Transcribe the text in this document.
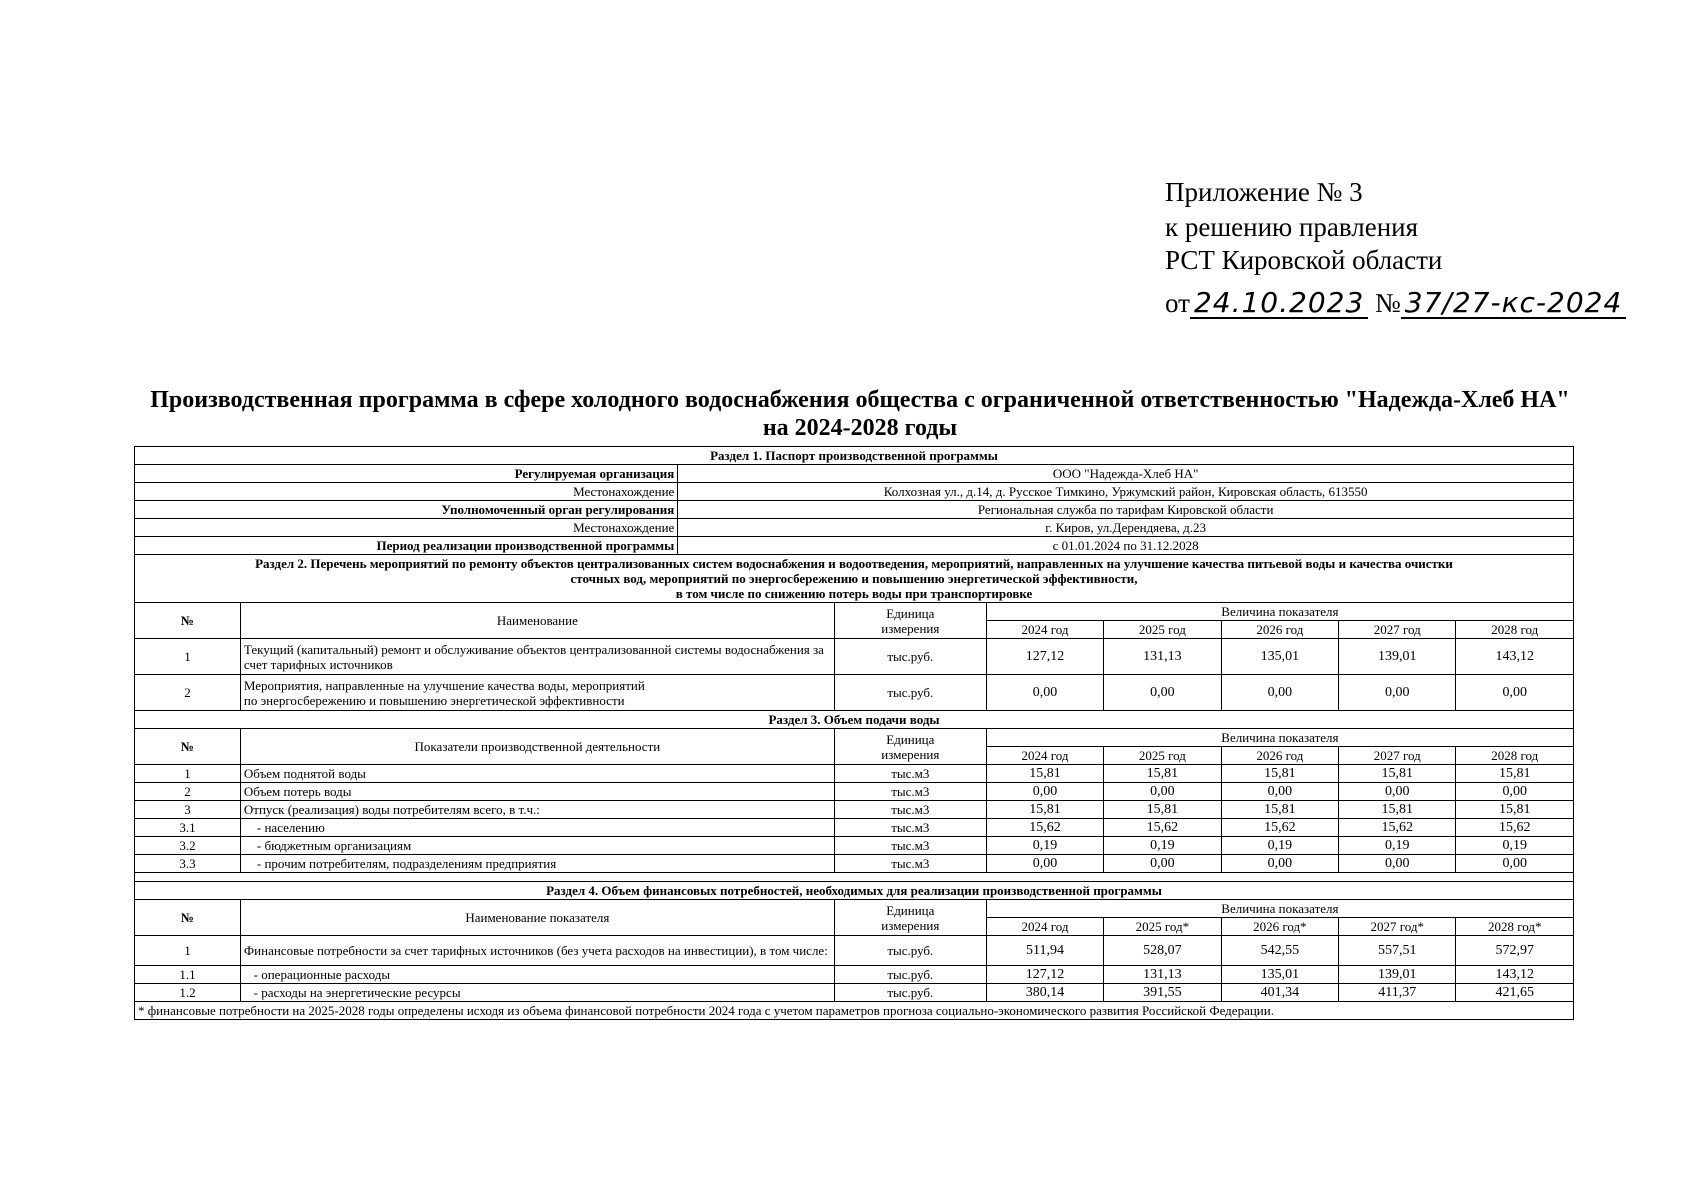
Приложение № 3
к решению правления
РСТ Кировской области
от 24.10.2023 № 37/27-кс-2024
Производственная программа в сфере холодного водоснабжения общества с ограниченной ответственностью "Надежда-Хлеб НА"
на 2024-2028 годы
Раздел 1. Паспорт производственной программы								
Регулируемая организация		ООО "Надежда-Хлеб НА"						
Местонахождение		Колхозная ул., д.14, д. Русское Тимкино, Уржумский район, Кировская область, 613550						
Уполномоченный орган регулирования		Региональная служба по тарифам Кировской области						
Местонахождение		г. Киров, ул.Дерендяева, д.23						
Период реализации производственной программы		с 01.01.2024 по 31.12.2028						

Раздел 2. Перечень мероприятий по ремонту объектов централизованных систем водоснабжения и водоотведения, мероприятий, направленных на улучшение качества питьевой воды и качества очистки
сточных вод, мероприятий по энергосбережению и повышению энергетической эффективности,
в том числе по снижению потерь воды при транспортировке								

№	Наименование		Единица
измерения	Величина показателя				
				2024 год	2025 год	2026 год	2027 год	2028 год
1	Текущий (капитальный) ремонт и обслуживание объектов централизованной системы водоснабжения за
счет тарифных источников		тыс.руб.	127,12	131,13	135,01	139,01	143,12
2	Мероприятия, направленные на улучшение качества воды, мероприятий
по энергосбережению и повышению энергетической эффективности		тыс.руб.	0,00	0,00	0,00	0,00	0,00
Раздел 3. Объем подачи воды								
№	Показатели производственной деятельности		Единица
измерения	Величина показателя				
				2024 год	2025 год	2026 год	2027 год	2028 год
1	Объем поднятой воды		тыс.м3	15,81	15,81	15,81	15,81	15,81
2	Объем потерь воды		тыс.м3	0,00	0,00	0,00	0,00	0,00
3	Отпуск (реализация) воды потребителям всего, в т.ч.:		тыс.м3	15,81	15,81	15,81	15,81	15,81
3.1	- населению		тыс.м3	15,62	15,62	15,62	15,62	15,62
3.2	- бюджетным организациям		тыс.м3	0,19	0,19	0,19	0,19	0,19
3.3	- прочим потребителям, подразделениям предприятия		тыс.м3	0,00	0,00	0,00	0,00	0,00

Раздел 4. Объем финансовых потребностей, необходимых для реализации производственной программы								
№	Наименование показателя		Единица
измерения	Величина показателя				
				2024 год	2025 год*	2026 год*	2027 год*	2028 год*
1	Финансовые потребности за счет тарифных источников (без учета расходов на инвестиции), в том числе:		тыс.руб.	511,94	528,07	542,55	557,51	572,97
1.1	- операционные расходы		тыс.руб.	127,12	131,13	135,01	139,01	143,12
1.2	- расходы на энергетические ресурсы		тыс.руб.	380,14	391,55	401,34	411,37	421,65
* финансовые потребности на 2025-2028 годы определены исходя из объема финансовой потребности 2024 года с учетом параметров прогноза социально-экономического развития Российской Федерации.								
